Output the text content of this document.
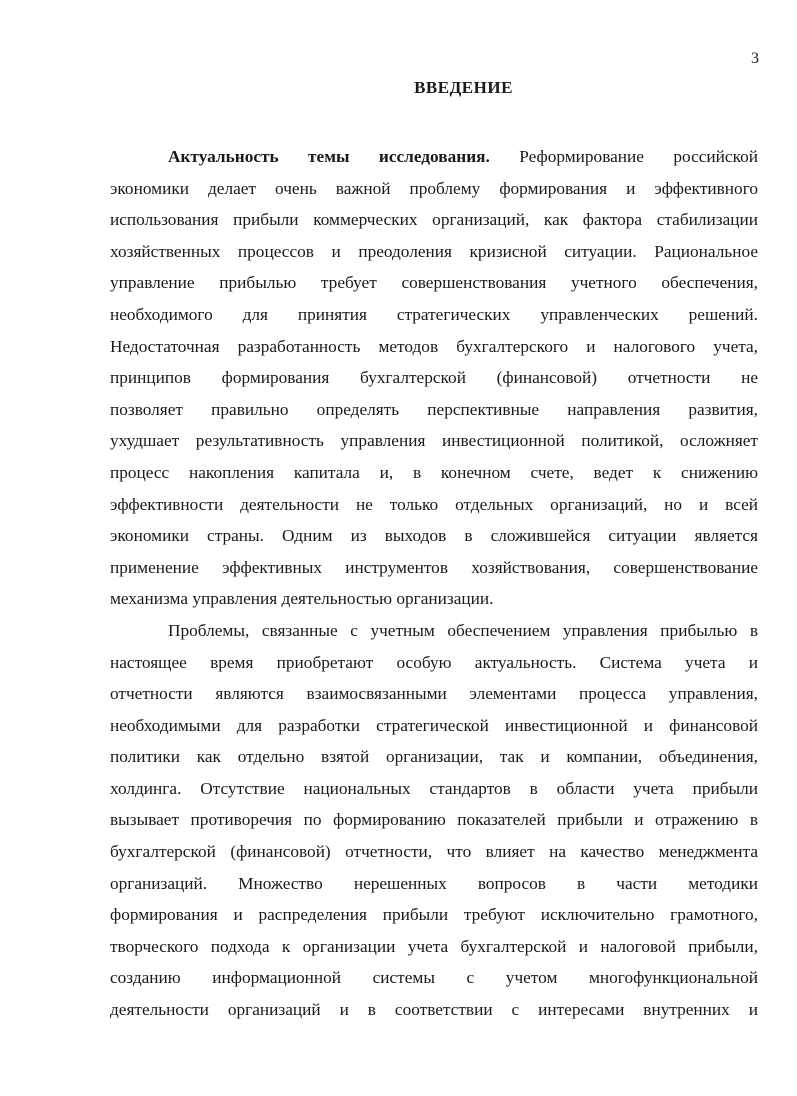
3
ВВЕДЕНИЕ
Актуальность темы исследования. Реформирование российской
экономики делает очень важной проблему формирования и эффективного
использования прибыли коммерческих организаций, как фактора стабилизации
хозяйственных процессов и преодоления кризисной ситуации. Рациональное
управление прибылью требует совершенствования учетного обеспечения,
необходимого для принятия стратегических управленческих решений.
Недостаточная разработанность методов бухгалтерского и налогового учета,
принципов формирования бухгалтерской (финансовой) отчетности не
позволяет правильно определять перспективные направления развития,
ухудшает результативность управления инвестиционной политикой, осложняет
процесс накопления капитала и, в конечном счете, ведет к снижению
эффективности деятельности не только отдельных организаций, но и всей
экономики страны. Одним из выходов в сложившейся ситуации является
применение эффективных инструментов хозяйствования, совершенствование
механизма управления деятельностью организации.
Проблемы, связанные с учетным обеспечением управления прибылью в
настоящее время приобретают особую актуальность. Система учета и
отчетности являются взаимосвязанными элементами процесса управления,
необходимыми для разработки стратегической инвестиционной и финансовой
политики как отдельно взятой организации, так и компании, объединения,
холдинга. Отсутствие национальных стандартов в области учета прибыли
вызывает противоречия по формированию показателей прибыли и отражению в
бухгалтерской (финансовой) отчетности, что влияет на качество менеджмента
организаций. Множество нерешенных вопросов в части методики
формирования и распределения прибыли требуют исключительно грамотного,
творческого подхода к организации учета бухгалтерской и налоговой прибыли,
созданию информационной системы с учетом многофункциональной
деятельности организаций и в соответствии с интересами внутренних и
